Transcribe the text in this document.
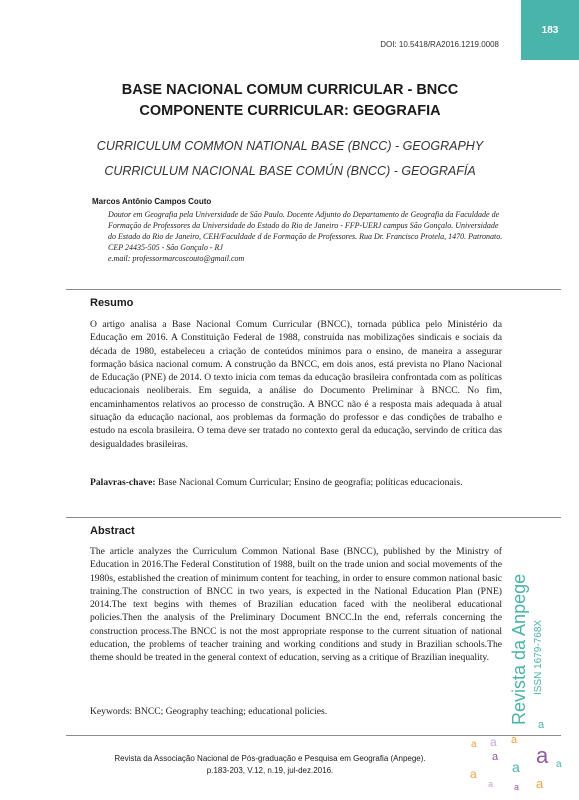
DOI: 10.5418/RA2016.1219.0008
183
BASE NACIONAL COMUM CURRICULAR - BNCC
COMPONENTE CURRICULAR: GEOGRAFIA
CURRICULUM COMMON NATIONAL BASE (BNCC) - GEOGRAPHY
CURRICULUM NACIONAL BASE COMÚN (BNCC) - GEOGRAFÍA
Marcos Antônio Campos Couto
Doutor em Geografia pela Universidade de São Paulo. Docente Adjunto do Departamento de Geografia da Faculdade de Formação de Professores da Universidade do Estado do Rio de Janeiro - FFP-UERJ campus São Gonçalo. Universidade do Estado do Rio de Janeiro, CEH/Faculdade d de Formação de Professores. Rua Dr. Francisco Protela, 1470. Patronato. CEP 24435-505 - São Gonçalo - RJ
e.mail: professormarcoscouto@gmail.com
Resumo
O artigo analisa a Base Nacional Comum Curricular (BNCC), tornada pública pelo Ministério da Educação em 2016. A Constituição Federal de 1988, construída nas mobilizações sindicais e sociais da década de 1980, estabeleceu a criação de conteúdos mínimos para o ensino, de maneira a assegurar formação básica nacional comum. A construção da BNCC, em dois anos, está prevista no Plano Nacional de Educação (PNE) de 2014. O texto inicia com temas da educação brasileira confrontada com as políticas educacionais neoliberais. Em seguida, a análise do Documento Preliminar à BNCC. No fim, encaminhamentos relativos ao processo de construção. A BNCC não é a resposta mais adequada à atual situação da educação nacional, aos problemas da formação do professor e das condições de trabalho e estudo na escola brasileira. O tema deve ser tratado no contexto geral da educação, servindo de crítica das desigualdades brasileiras.
Palavras-chave: Base Nacional Comum Curricular; Ensino de geografia; políticas educacionais.
Abstract
The article analyzes the Curriculum Common National Base (BNCC), published by the Ministry of Education in 2016.The Federal Constitution of 1988, built on the trade union and social movements of the 1980s, established the creation of minimum content for teaching, in order to ensure common national basic training.The construction of BNCC in two years, is expected in the National Education Plan (PNE) 2014.The text begins with themes of Brazilian education faced with the neoliberal educational policies.Then the analysis of the Preliminary Document BNCC.In the end, referrals concerning the construction process.The BNCC is not the most appropriate response to the current situation of national education, the problems of teacher training and working conditions and study in Brazilian schools.The theme should be treated in the general context of education, serving as a critique of Brazilian inequality.
Keywords: BNCC; Geography teaching; educational policies.	Revista da Anpege ISSN 1679-768X
a
a
a
a
a
a
a
a
a	a
a
a
Revista da Associação Nacional de Pós-graduação e Pesquisa em Geografia (Anpege).
p.183-203, V.12, n.19, jul-dez.2016.
